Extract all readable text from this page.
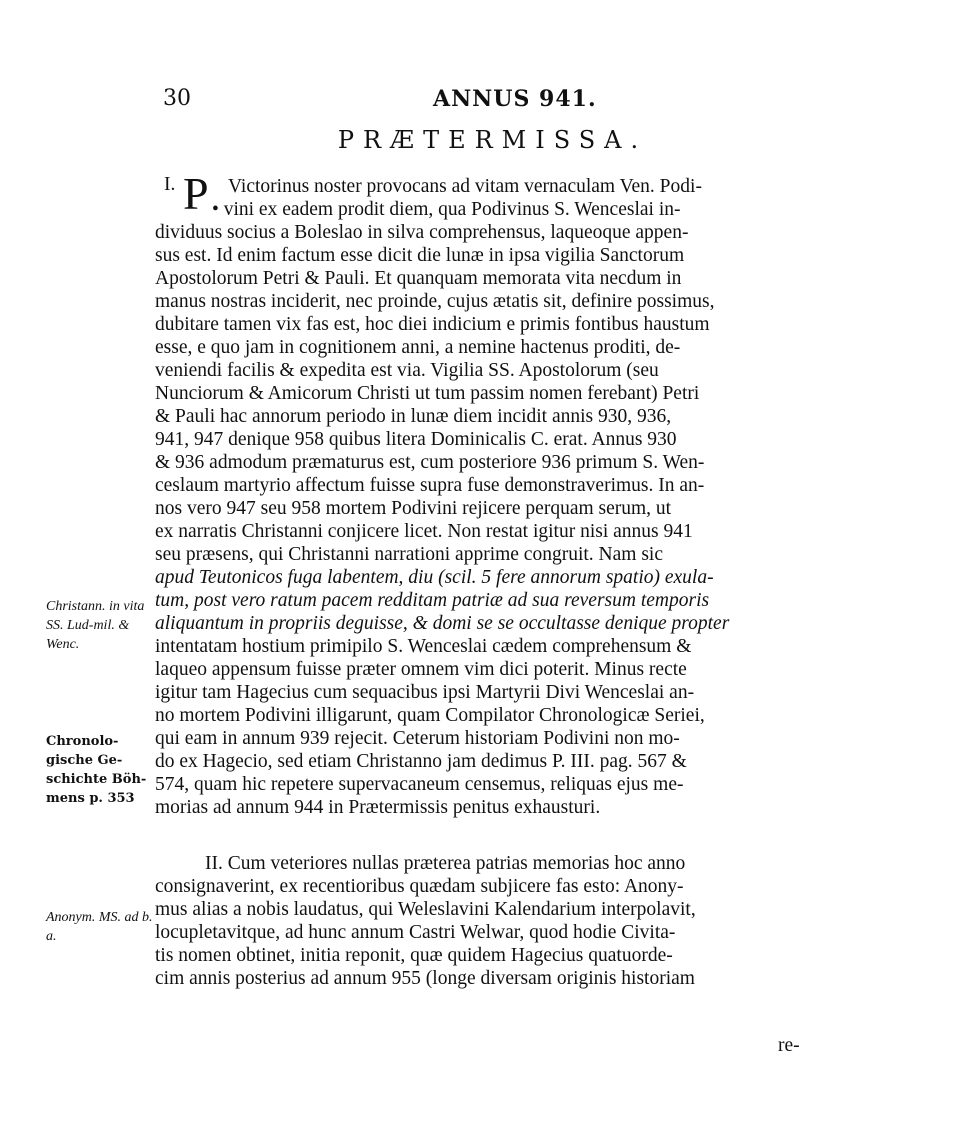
30	ANNUS 941.
PRÆTERMISSA.
I. P Victorinus noster provocans ad vitam vernaculam Ven. Podi-
• vini ex eadem prodit diem, qua Podivinus S. Wenceslai in-
dividuus socius a Boleslao in silva comprehensus, laqueoque appen-
sus est. Id enim factum esse dicit die lunæ in ipsa vigilia Sanctorum
Apostolorum Petri & Pauli. Et quanquam memorata vita necdum in
manus nostras inciderit, nec proinde, cujus ætatis sit, definire possimus,
dubitare tamen vix fas est, hoc diei indicium e primis fontibus haustum
esse, e quo jam in cognitionem anni, a nemine hactenus proditi, de-
veniendi facilis & expedita est via. Vigilia SS. Apostolorum (seu
Nunciorum & Amicorum Christi ut tum passim nomen ferebant) Petri
& Pauli hac annorum periodo in lunæ diem incidit annis 930, 936,
941, 947 denique 958 quibus litera Dominicalis C. erat. Annus 930
& 936 admodum præmaturus est, cum posteriore 936 primum S. Wen-
ceslaum martyrio affectum fuisse supra fuse demonstraverimus. In an-
nos vero 947 seu 958 mortem Podivini rejicere perquam serum, ut
ex narratis Christanni conjicere licet. Non restat igitur nisi annus 941
seu præsens, qui Christanni narrationi apprime congruit. Nam sic
apud Teutonicos fuga labentem, diu (scil. 5 fere annorum spatio) exula-
tum, post vero ratum pacem redditam patriæ ad sua reversum temporis
aliquantum in propriis deguisse, & domi se se occultasse denique propter
intentatam hostium primipilo S. Wenceslai cædem comprehensum &
laqueo appensum fuisse præter omnem vim dici poterit. Minus recte
igitur tam Hagecius cum sequacibus ipsi Martyrii Divi Wenceslai an-
no mortem Podivini illigarunt, quam Compilator Chronologicæ Seriei,
qui eam in annum 939 rejecit. Ceterum historiam Podivini non mo-
do ex Hagecio, sed etiam Christanno jam dedimus P. III. pag. 567 &
574, quam hic repetere supervacaneum censemus, reliquas ejus me-
morias ad annum 944 in Prætermissis penitus exhausturi.
II. Cum veteriores nullas præterea patrias memorias hoc anno
consignaverint, ex recentioribus quædam subjicere fas esto: Anony-
mus alias a nobis laudatus, qui Weleslavini Kalendarium interpolavit,
locupletavitque, ad hunc annum Castri Welwar, quod hodie Civita-
tis nomen obtinet, initia reponit, quæ quidem Hagecius quatuorde-
cim annis posterius ad annum 955 (longe diversam originis historiam
re-
Christann. in vita SS. Lud-mil. & Wenc.
Chronolo-gische Ge-schichte Böh-mens p. 353
Anonym. MS. ad b. a.
